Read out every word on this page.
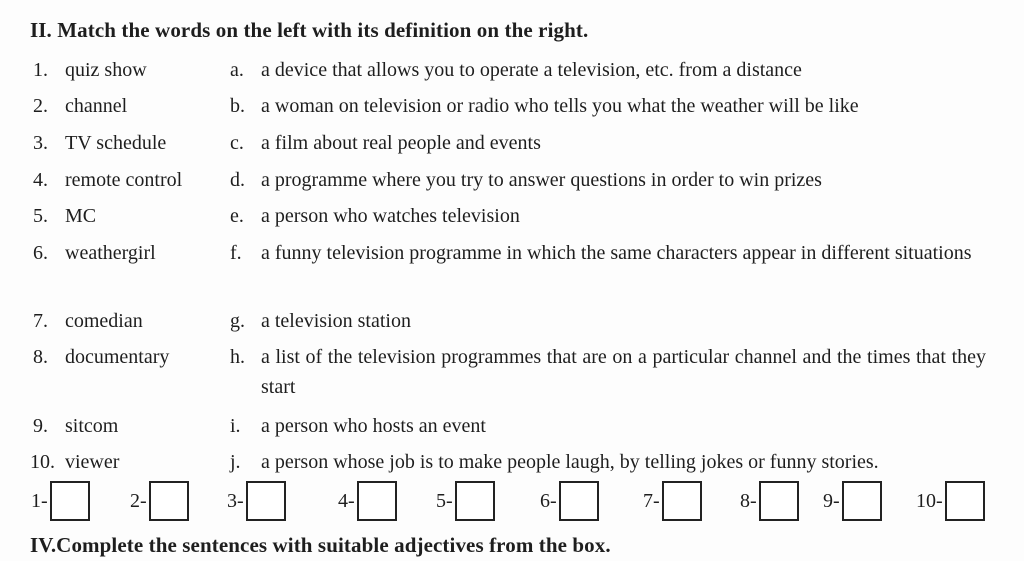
II. Match the words on the left with its definition on the right.
1. quiz show	a. a device that allows you to operate a television, etc. from a distance
2. channel	b. a woman on television or radio who tells you what the weather will be like
3. TV schedule	c. a film about real people and events
4. remote control d. a programme where you try to answer questions in order to win prizes
5. MC	e. a person who watches television
6. weathergirl	f. a funny television programme in which the same characters appear in different situations
7. comedian	g. a television station
8. documentary	h. a list of the television programmes that are on a particular channel and the times that they start
9. sitcom	i.	a person who hosts an event
10. viewer	j.	a person whose job is to make people laugh, by telling jokes or funny stories.
1-	2-	3-	4-	5-	6-	7-	8-	9-	10-
IV.Complete the sentences with suitable adjectives from the box.
